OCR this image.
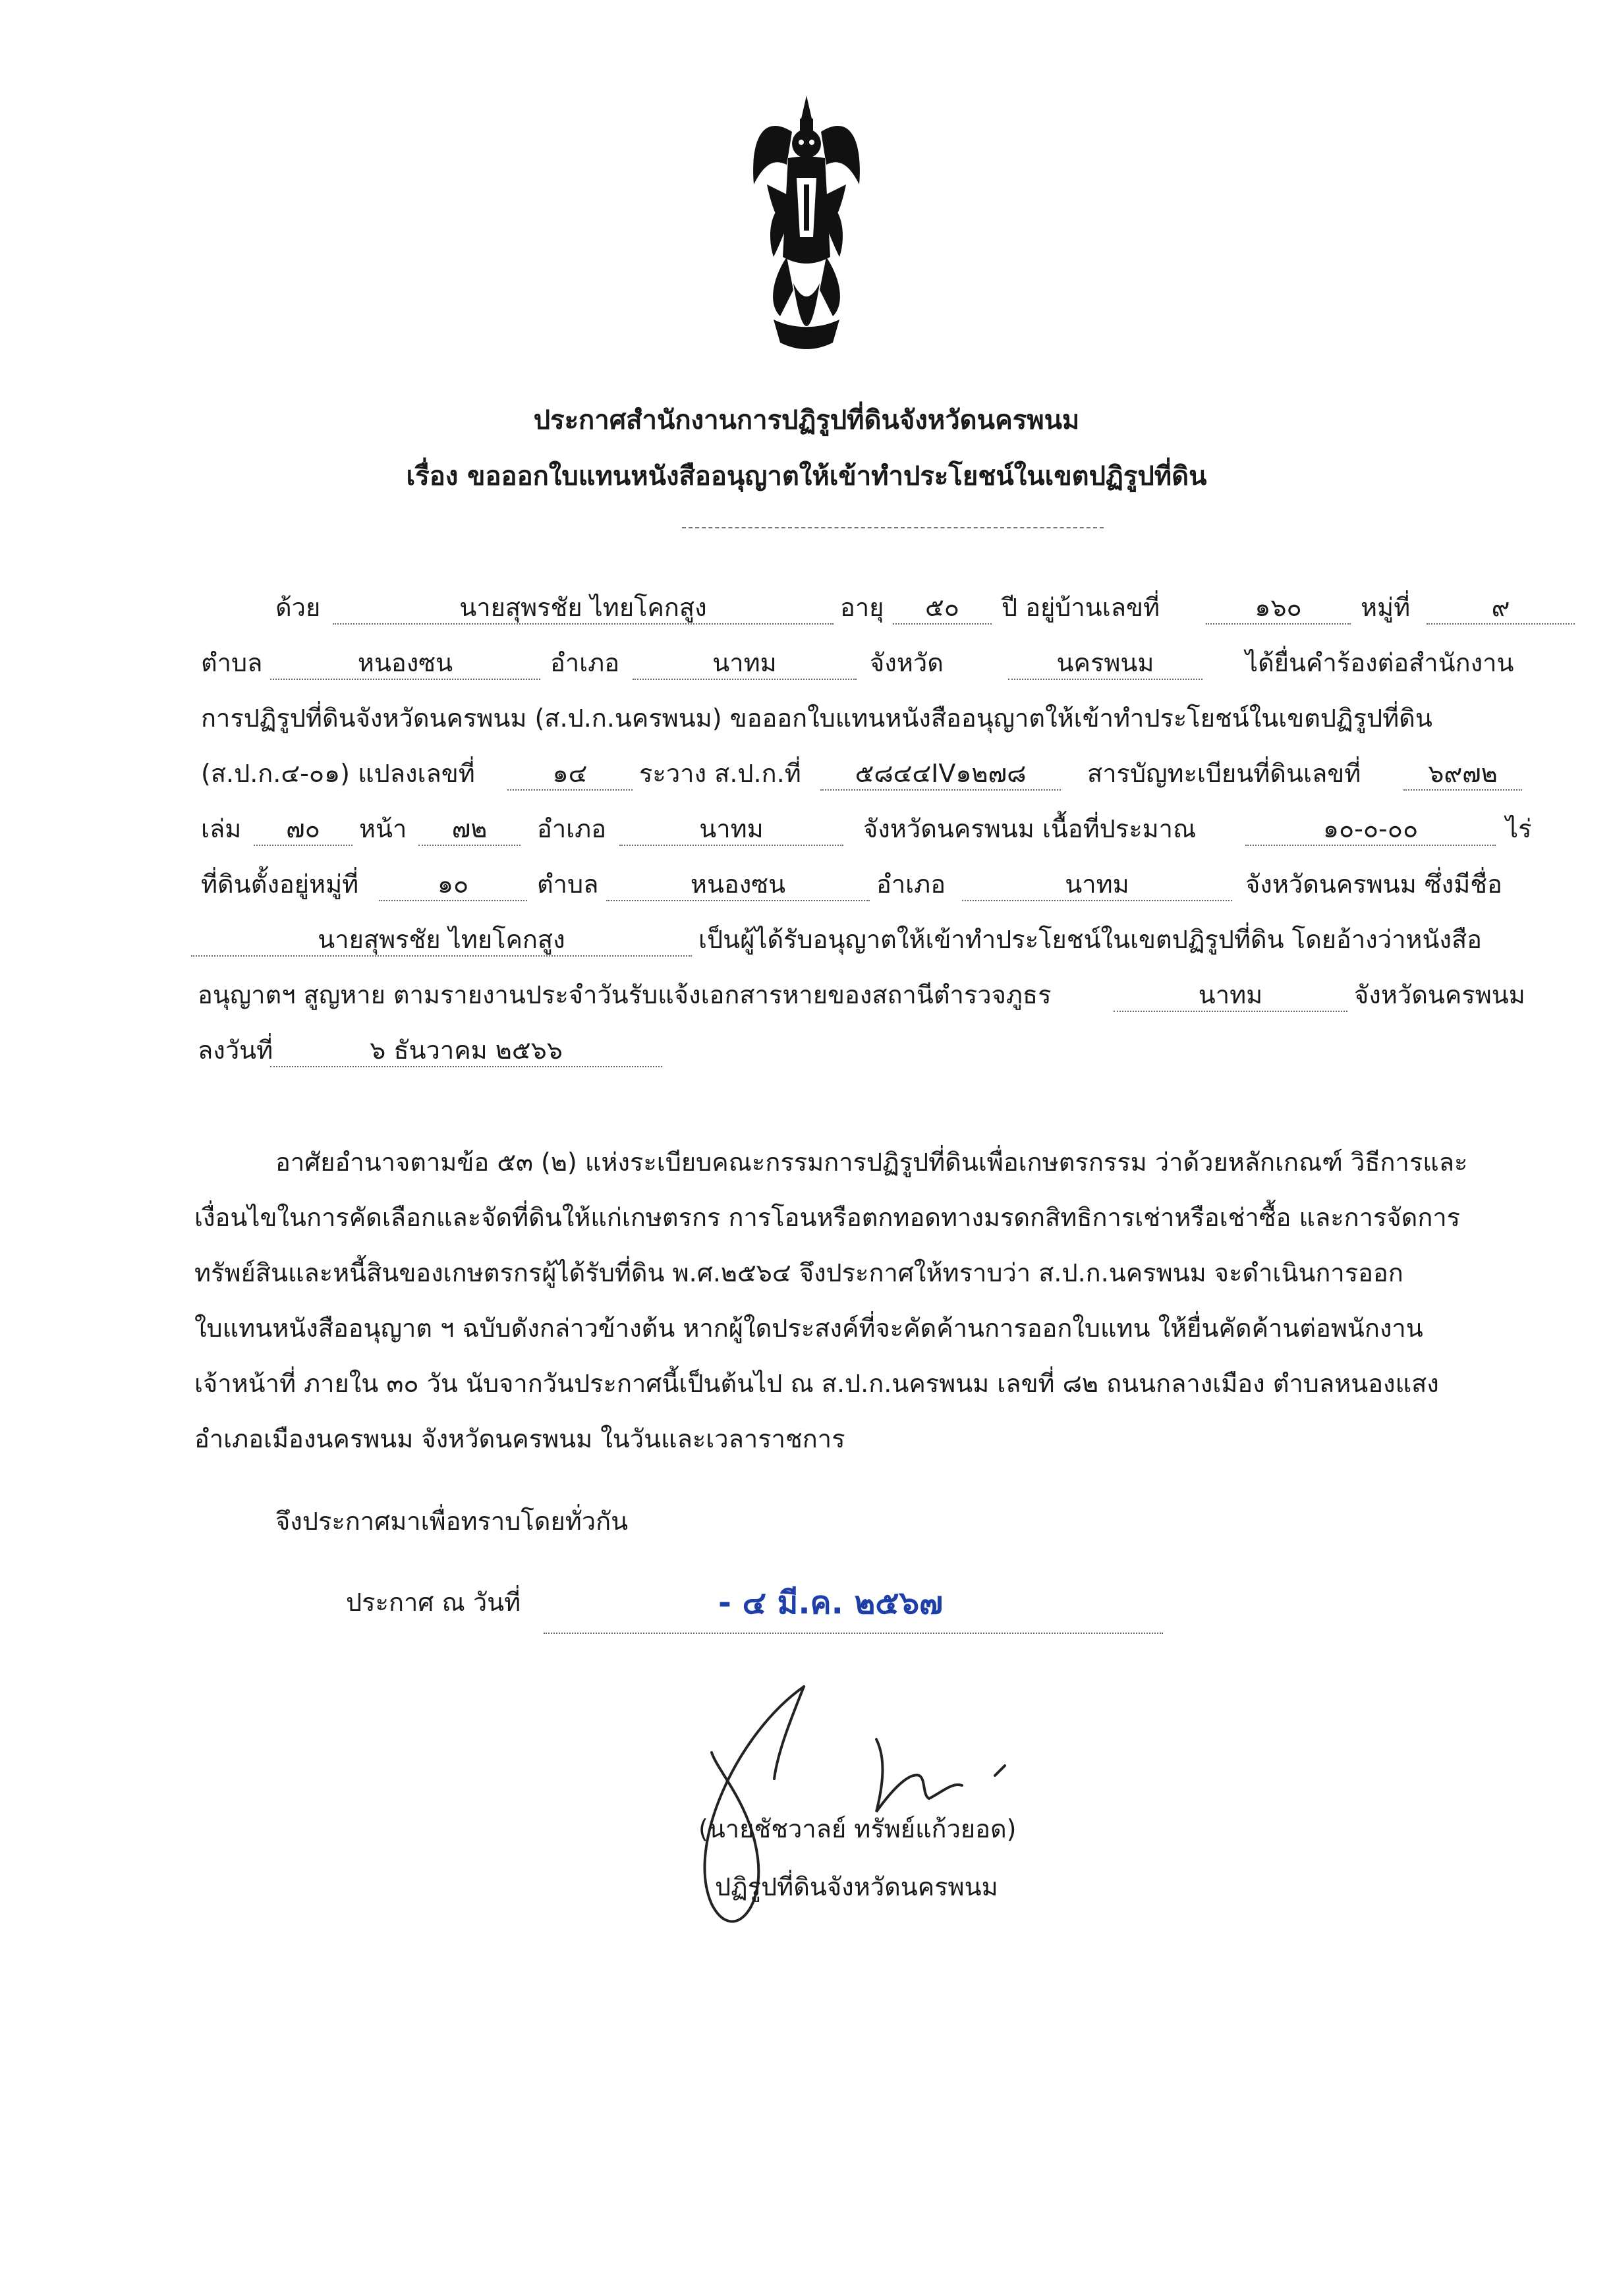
ประกาศสำนักงานการปฏิรูปที่ดินจังหวัดนครพนม
เรื่อง ขอออกใบแทนหนังสืออนุญาตให้เข้าทำประโยชน์ในเขตปฏิรูปที่ดิน
ด้วย	นายสุพรชัย ไทยโคกสูง	อายุ	๕๐	ปี อยู่บ้านเลขที่	๑๖๐	หมู่ที่	๙
ตำบล	หนองซน	อำเภอ	นาทม	จังหวัด	นครพนม	ได้ยื่นคำร้องต่อสำนักงาน
การปฏิรูปที่ดินจังหวัดนครพนม (ส.ป.ก.นครพนม) ขอออกใบแทนหนังสืออนุญาตให้เข้าทำประโยชน์ในเขตปฏิรูปที่ดิน
(ส.ป.ก.๔-๐๑) แปลงเลขที่	๑๔	ระวาง ส.ป.ก.ที่	๕๘๔๔IV๑๒๗๘	สารบัญทะเบียนที่ดินเลขที่	๖๙๗๒
เล่ม	๗๐	หน้า	๗๒	อำเภอ	นาทม	จังหวัดนครพนม เนื้อที่ประมาณ	๑๐-๐-๐๐	ไร่
ที่ดินตั้งอยู่หมู่ที่	๑๐	ตำบล	หนองซน	อำเภอ	นาทม	จังหวัดนครพนม ซึ่งมีชื่อ
นายสุพรชัย ไทยโคกสูง	เป็นผู้ได้รับอนุญาตให้เข้าทำประโยชน์ในเขตปฏิรูปที่ดิน โดยอ้างว่าหนังสือ
อนุญาตฯ สูญหาย ตามรายงานประจำวันรับแจ้งเอกสารหายของสถานีตำรวจภูธร	นาทม	จังหวัดนครพนม
ลงวันที่	๖ ธันวาคม ๒๕๖๖
อาศัยอำนาจตามข้อ ๕๓ (๒) แห่งระเบียบคณะกรรมการปฏิรูปที่ดินเพื่อเกษตรกรรม ว่าด้วยหลักเกณฑ์ วิธีการและ
เงื่อนไขในการคัดเลือกและจัดที่ดินให้แก่เกษตรกร การโอนหรือตกทอดทางมรดกสิทธิการเช่าหรือเช่าซื้อ และการจัดการ
ทรัพย์สินและหนี้สินของเกษตรกรผู้ได้รับที่ดิน พ.ศ.๒๕๖๔ จึงประกาศให้ทราบว่า ส.ป.ก.นครพนม จะดำเนินการออก
ใบแทนหนังสืออนุญาต ฯ ฉบับดังกล่าวข้างต้น หากผู้ใดประสงค์ที่จะคัดค้านการออกใบแทน ให้ยื่นคัดค้านต่อพนักงาน
เจ้าหน้าที่ ภายใน ๓๐ วัน นับจากวันประกาศนี้เป็นต้นไป ณ ส.ป.ก.นครพนม เลขที่ ๘๒ ถนนกลางเมือง ตำบลหนองแสง
อำเภอเมืองนครพนม จังหวัดนครพนม ในวันและเวลาราชการ
จึงประกาศมาเพื่อทราบโดยทั่วกัน
ประกาศ ณ วันที่	- ๔ มี.ค. ๒๕๖๗
(นายชัชวาลย์ ทรัพย์แก้วยอด)
ปฏิรูปที่ดินจังหวัดนครพนม
